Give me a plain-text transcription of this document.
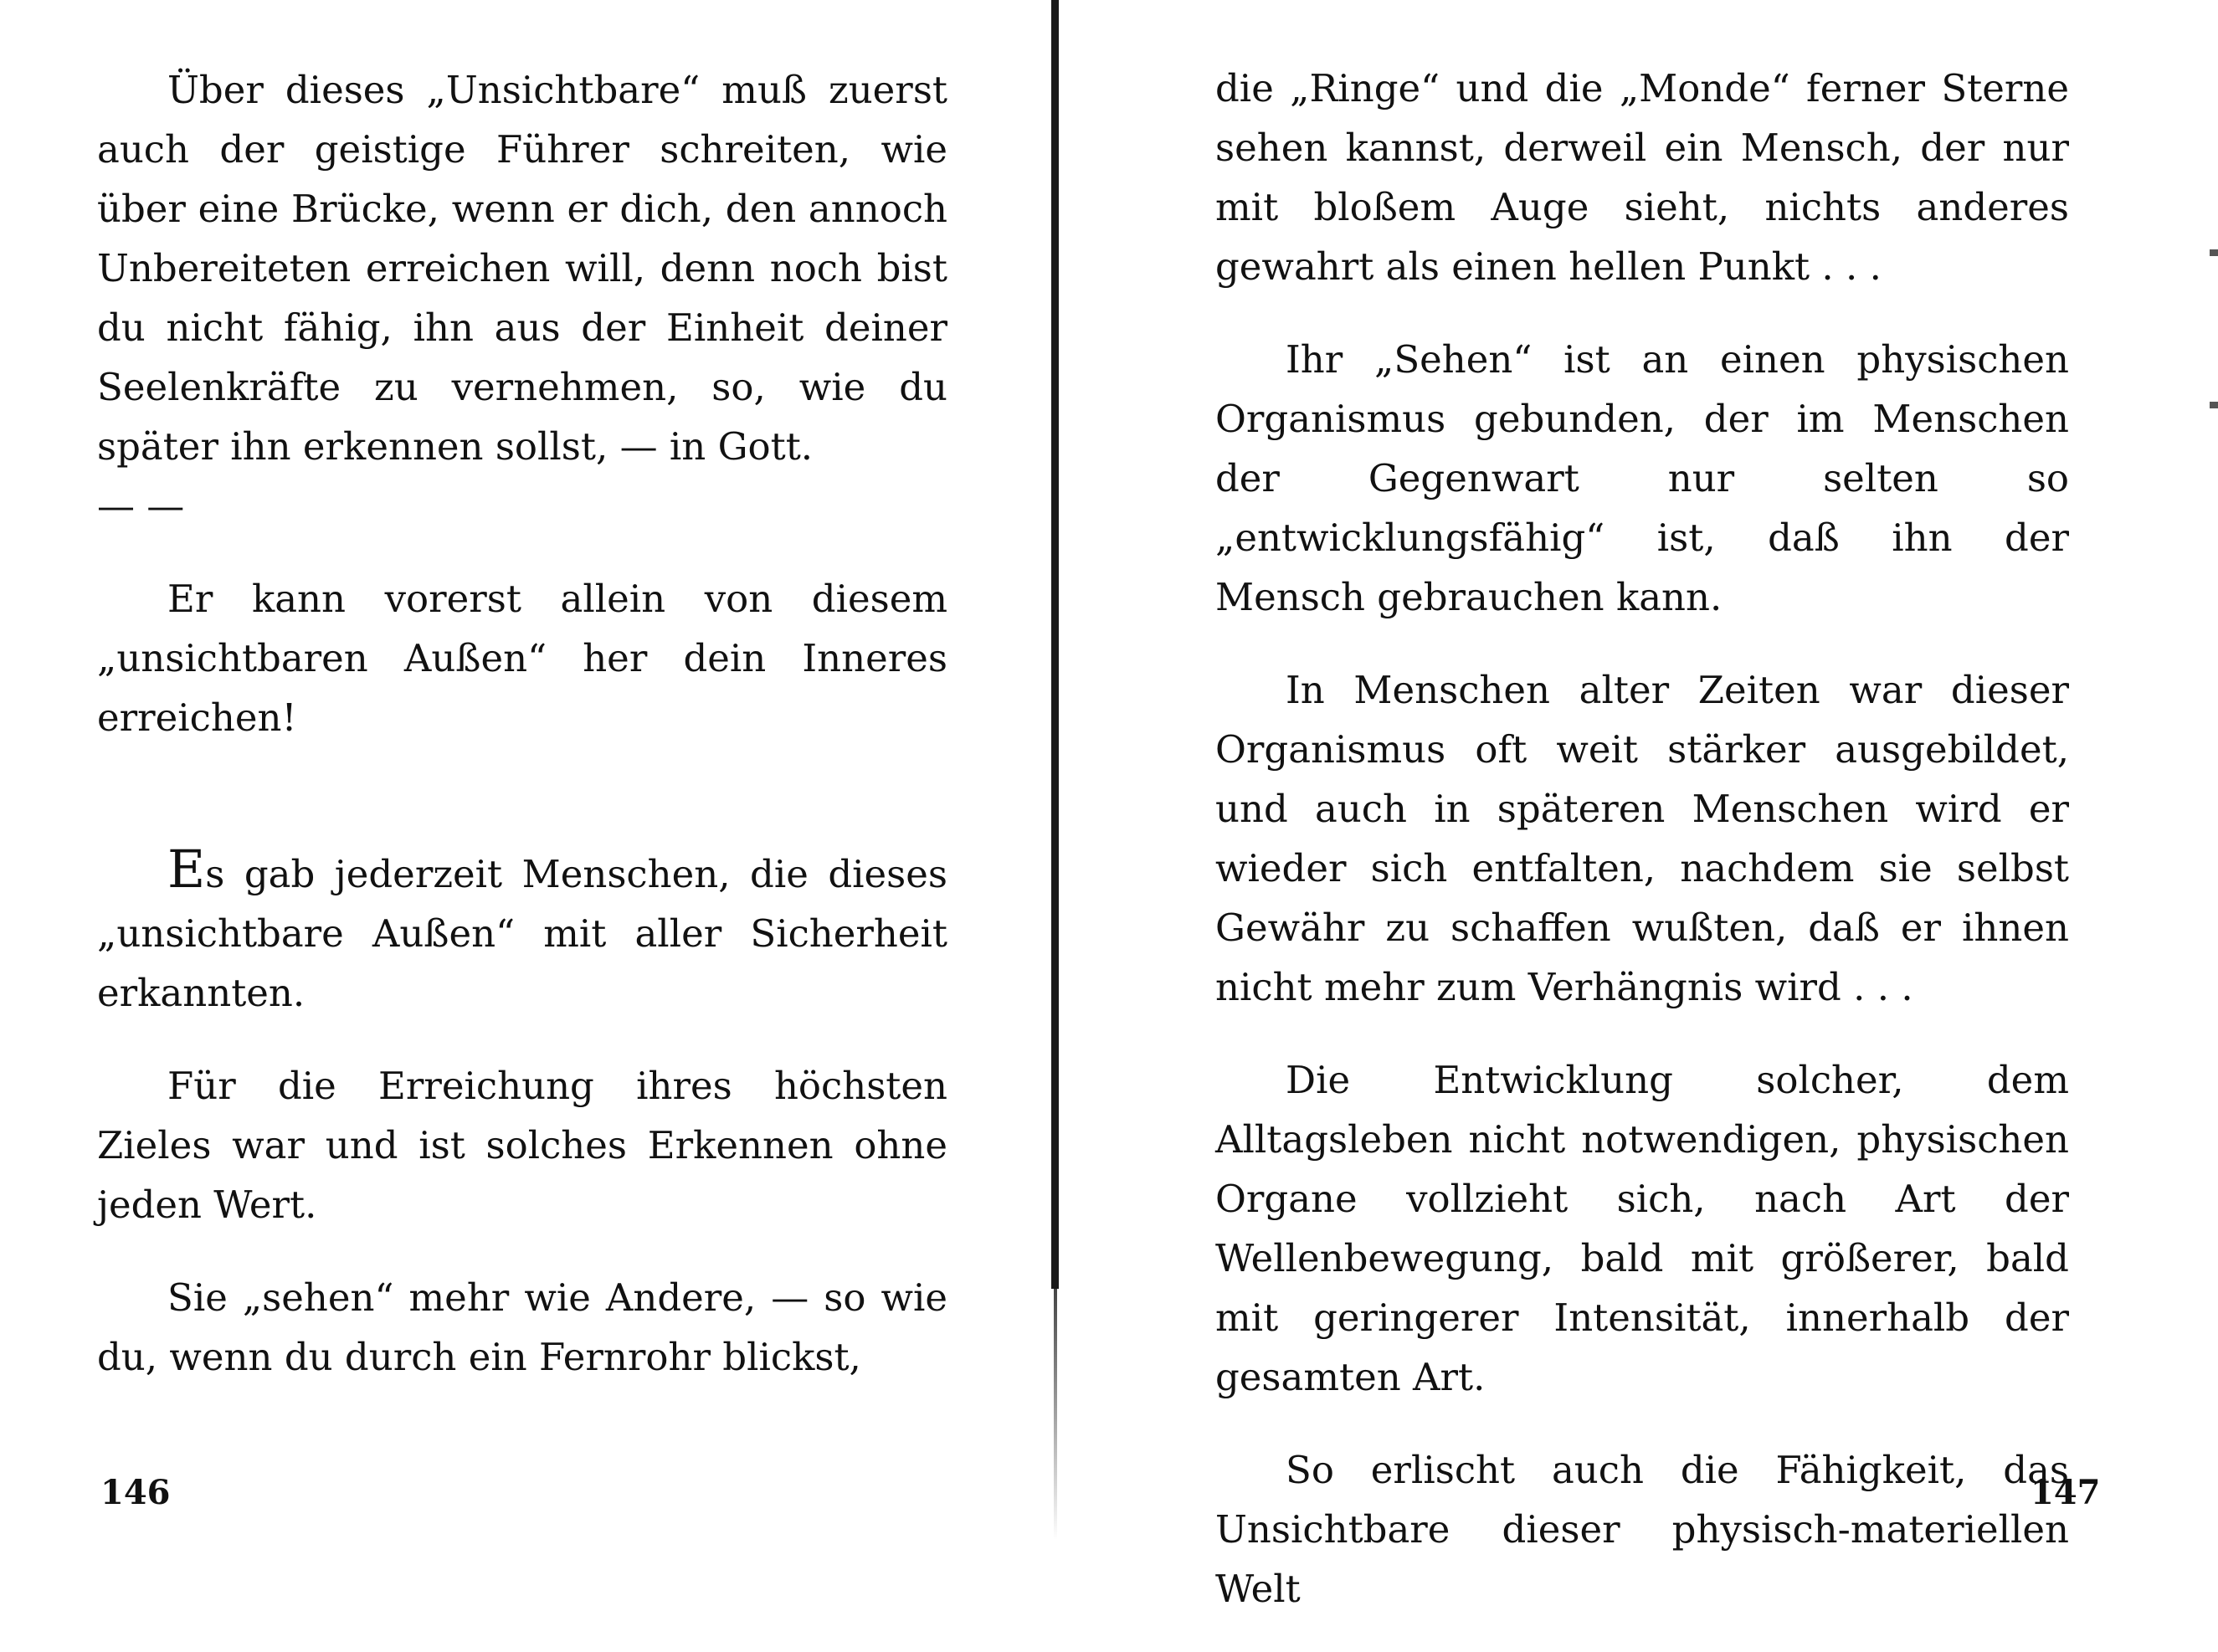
Über dieses „Unsichtbare“ muß zuerst auch der geistige Führer schreiten, wie über eine Brücke, wenn er dich, den annoch Unbereiteten erreichen will, denn noch bist du nicht fähig, ihn aus der Einheit deiner Seelenkräfte zu vernehmen, so, wie du später ihn erkennen sollst, — in Gott.

— —

Er kann vorerst allein von diesem „unsichtbaren Außen“ her dein Inneres erreichen!

Es gab jederzeit Menschen, die dieses „unsichtbare Außen“ mit aller Sicherheit erkannten.

Für die Erreichung ihres höchsten Zieles war und ist solches Erkennen ohne jeden Wert.

Sie „sehen“ mehr wie Andere, — so wie du, wenn du durch ein Fernrohr blickst,

146

die „Ringe“ und die „Monde“ ferner Sterne sehen kannst, derweil ein Mensch, der nur mit bloßem Auge sieht, nichts anderes gewahrt als einen hellen Punkt . . .

Ihr „Sehen“ ist an einen physischen Organismus gebunden, der im Menschen der Gegenwart nur selten so „entwicklungsfähig“ ist, daß ihn der Mensch gebrauchen kann.

In Menschen alter Zeiten war dieser Organismus oft weit stärker ausgebildet, und auch in späteren Menschen wird er wieder sich entfalten, nachdem sie selbst Gewähr zu schaffen wußten, daß er ihnen nicht mehr zum Verhängnis wird . . .

Die Entwicklung solcher, dem Alltagsleben nicht notwendigen, physischen Organe vollzieht sich, nach Art der Wellenbewegung, bald mit größerer, bald mit geringerer Intensität, innerhalb der gesamten Art.

So erlischt auch die Fähigkeit, das Unsichtbare dieser physisch-materiellen Welt

147
